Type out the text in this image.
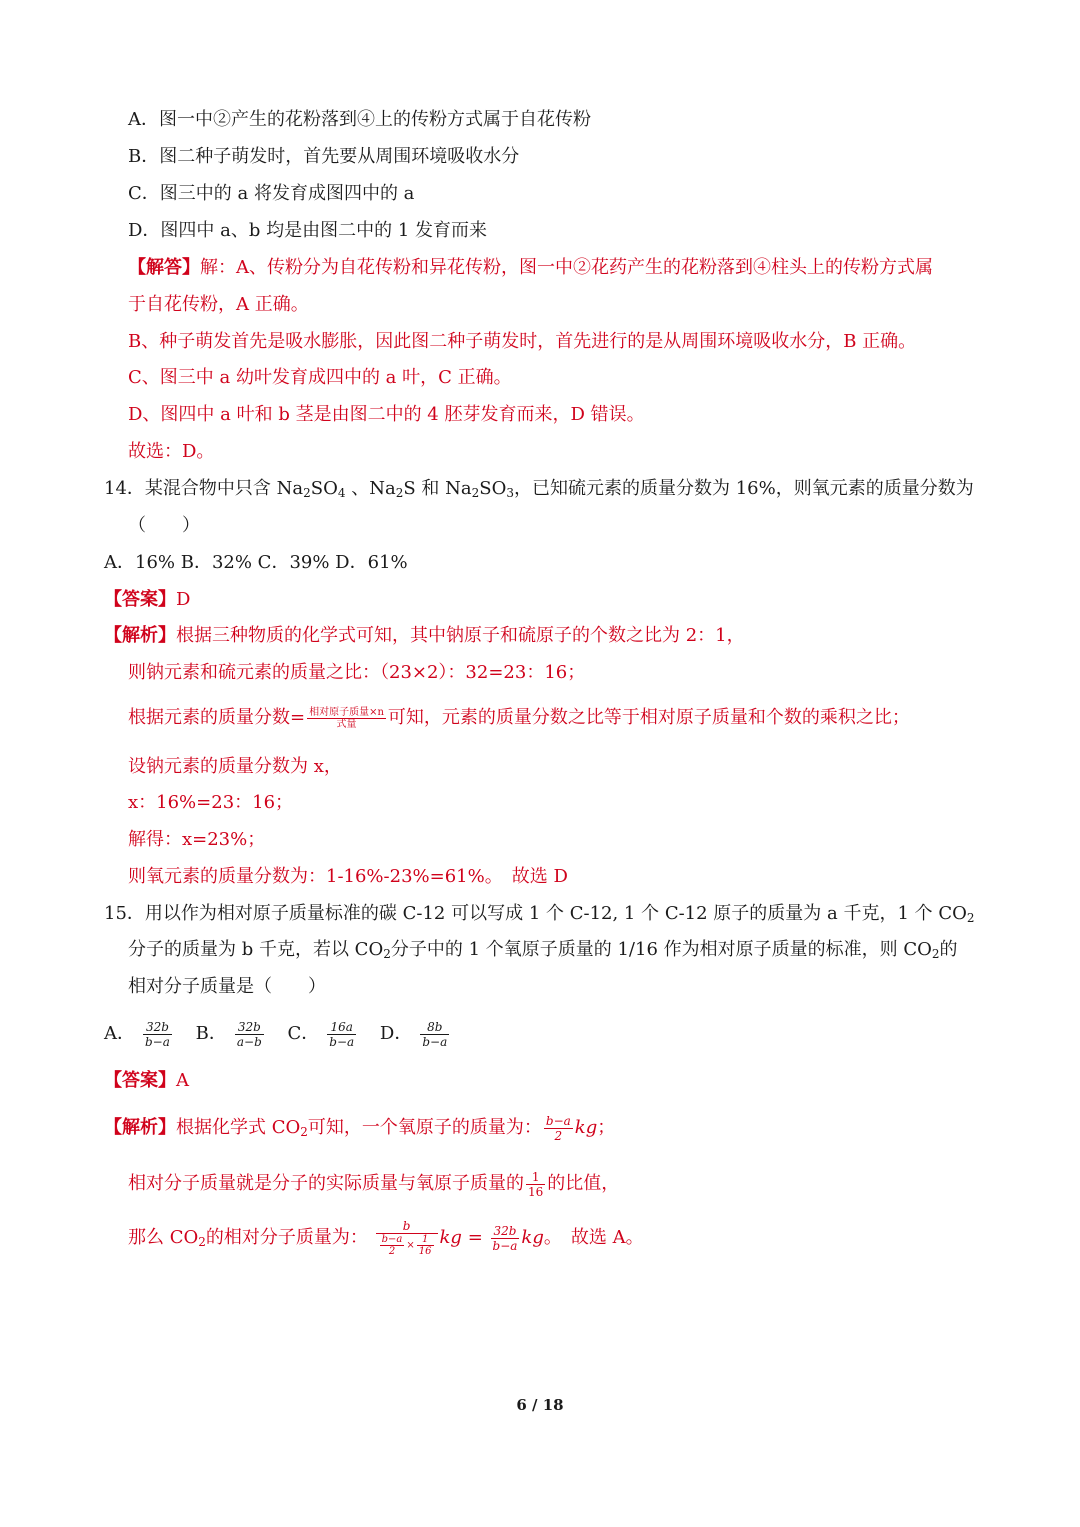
A．图一中②产生的花粉落到④上的传粉方式属于自花传粉
B．图二种子萌发时，首先要从周围环境吸收水分
C．图三中的 a 将发育成图四中的 a
D．图四中 a、b 均是由图二中的 1 发育而来
【解答】解：A、传粉分为自花传粉和异花传粉，图一中②花药产生的花粉落到④柱头上的传粉方式属
于自花传粉，A 正确。
B、种子萌发首先是吸水膨胀，因此图二种子萌发时，首先进行的是从周围环境吸收水分，B 正确。
C、图三中 a 幼叶发育成四中的 a 叶，C 正确。
D、图四中 a 叶和 b 茎是由图二中的 4 胚芽发育而来，D 错误。
故选：D。
14．某混合物中只含 $Na_2SO_4$ 、$Na_2S$ 和 $Na_2SO_3$，已知硫元素的质量分数为 16%，则氧元素的质量分数为
（　　）
A．16% B．32% C．39% D．61%
【答案】D
【解析】根据三种物质的化学式可知，其中钠原子和硫原子的个数之比为 2：1，
则钠元素和硫元素的质量之比：（23×2）：32=23：16；
根据元素的质量分数= $\frac{\text{相对原子质量×n}}{\text{式量}}$ 可知，元素的质量分数之比等于相对原子质量和个数的乘积之比；
设钠元素的质量分数为 x，
x：16%=23：16；
解得：x=23%；
则氧元素的质量分数为：1-16%-23%=61%。　故选 D
15．用以作为相对原子质量标准的碳 C-12 可以写成 1 个 C-12, 1 个 C-12 原子的质量为 a 千克，1 个 $CO_2$
分子的质量为 b 千克，若以 $CO_2$分子中的 1 个氧原子质量的 1/16 作为相对原子质量的标准，则 $CO_2$的
相对分子质量是（　　）
A． $\frac{32b}{b-a}$ B． $\frac{32b}{a-b}$ C． $\frac{16a}{b-a}$ D． $\frac{8b}{b-a}$
【答案】A
【解析】根据化学式 $CO_2$可知，一个氧原子的质量为： $\frac{b-a}{2}$ kg；
相对分子质量就是分子的实际质量与氧原子质量的 $\frac{1}{16}$ 的比值，
那么 $CO_2$的相对分子质量为： $\frac{b}{\frac{b-a}{2} \times \frac{1}{16}}$ kg = $\frac{32b}{b-a}$ kg。　故选 A。
6 / 18
